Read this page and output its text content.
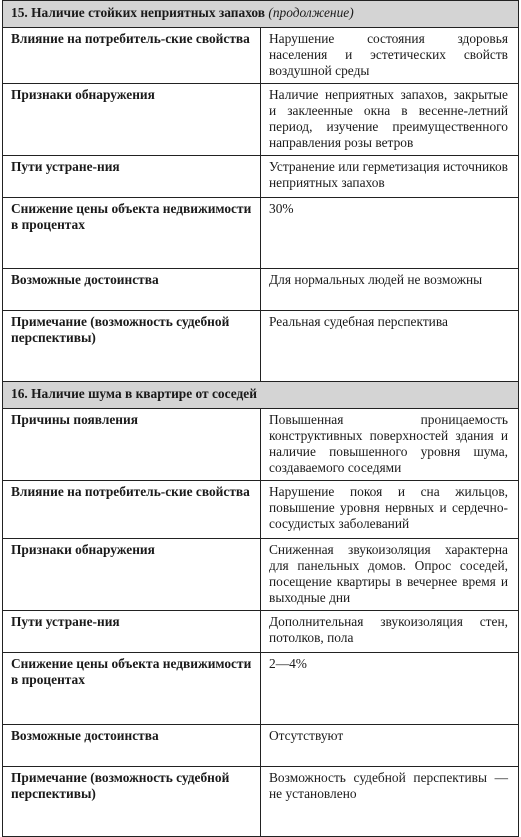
15. Наличие стойких неприятных запахов (продолжение)	
Влияние на потребитель-ские свойства	Нарушение состояния здоровья населения и эстетических свойств воздушной среды
Признаки обнаружения	Наличие неприятных запахов, закрытые и заклеенные окна в весенне-летний период, изучение преимущественного направления розы ветров
Пути устране-ния	Устранение или герметизация источников неприятных запахов
Снижение цены объекта недвижимости в процентах	30%
Возможные достоинства	Для нормальных людей не возможны
Примечание (возможность судебной перспективы)	Реальная судебная перспектива
16. Наличие шума в квартире от соседей	
Причины появления	Повышенная проницаемость конструктивных поверхностей здания и наличие повышенного уровня шума, создаваемого соседями
Влияние на потребитель-ские свойства	Нарушение покоя и сна жильцов, повышение уровня нервных и сердечно-сосудистых заболеваний
Признаки обнаружения	Сниженная звукоизоляция характерна для панельных домов. Опрос соседей, посещение квартиры в вечернее время и выходные дни
Пути устране-ния	Дополнительная звукоизоляция стен, потолков, пола
Снижение цены объекта недвижимости в процентах	2—4%
Возможные достоинства	Отсутствуют
Примечание (возможность судебной перспективы)	Возможность судебной перспективы — не установлено
